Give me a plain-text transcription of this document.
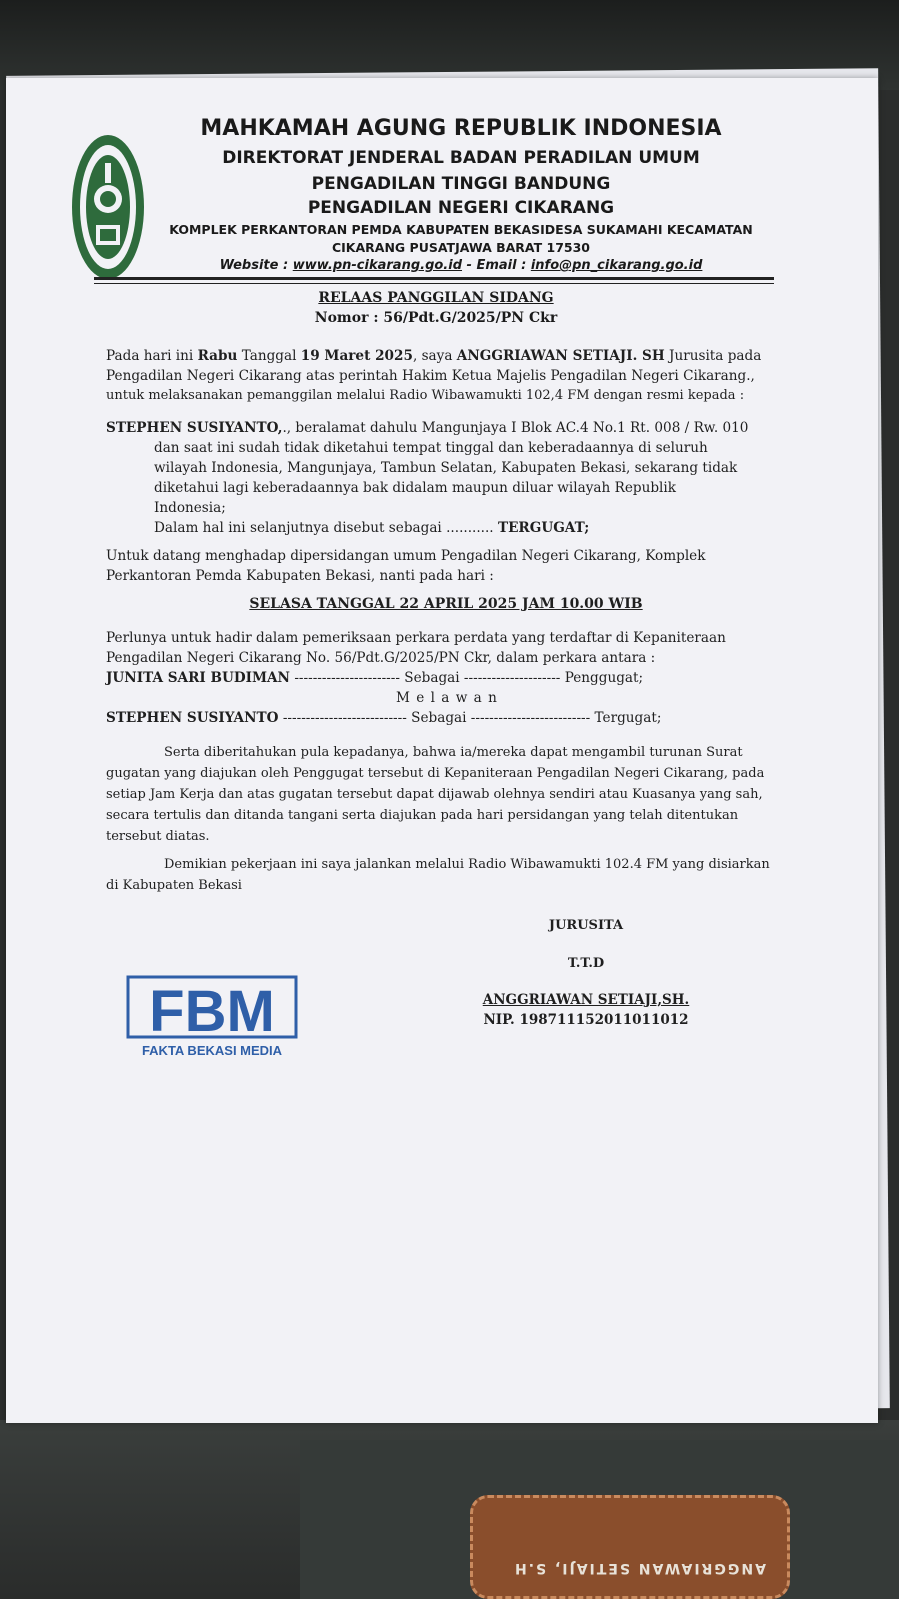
ANGGRIAWAN SETIAJI, S.H
MAHKAMAH AGUNG REPUBLIK INDONESIA
DIREKTORAT JENDERAL BADAN PERADILAN UMUM
PENGADILAN TINGGI BANDUNG
PENGADILAN NEGERI CIKARANG
KOMPLEK PERKANTORAN PEMDA KABUPATEN BEKASIDESA SUKAMAHI KECAMATAN
CIKARANG PUSATJAWA BARAT 17530
Website : www.pn-cikarang.go.id - Email : info@pn_cikarang.go.id
RELAAS PANGGILAN SIDANG
Nomor : 56/Pdt.G/2025/PN Ckr
Pada hari ini Rabu Tanggal 19 Maret 2025, saya ANGGRIAWAN SETIAJI. SH Jurusita pada
Pengadilan Negeri Cikarang atas perintah Hakim Ketua Majelis Pengadilan Negeri Cikarang.,
untuk melaksanakan pemanggilan melalui Radio Wibawamukti 102,4 FM dengan resmi kepada :
STEPHEN SUSIYANTO,., beralamat dahulu Mangunjaya I Blok AC.4 No.1 Rt. 008 / Rw. 010
dan saat ini sudah tidak diketahui tempat tinggal dan keberadaannya di seluruh
wilayah Indonesia, Mangunjaya, Tambun Selatan, Kabupaten Bekasi, sekarang tidak
diketahui lagi keberadaannya bak didalam maupun diluar wilayah Republik
Indonesia;
Dalam hal ini selanjutnya disebut sebagai ........... TERGUGAT;
Untuk datang menghadap dipersidangan umum Pengadilan Negeri Cikarang, Komplek
Perkantoran Pemda Kabupaten Bekasi, nanti pada hari :
SELASA TANGGAL 22 APRIL 2025 JAM 10.00 WIB
Perlunya untuk hadir dalam pemeriksaan perkara perdata yang terdaftar di Kepaniteraan
Pengadilan Negeri Cikarang No. 56/Pdt.G/2025/PN Ckr, dalam perkara antara :
JUNITA SARI BUDIMAN ----------------------- Sebagai --------------------- Penggugat;
M e l a w a n
STEPHEN SUSIYANTO --------------------------- Sebagai -------------------------- Tergugat;
Serta diberitahukan pula kepadanya, bahwa ia/mereka dapat mengambil turunan Surat
gugatan yang diajukan oleh Penggugat tersebut di Kepaniteraan Pengadilan Negeri Cikarang, pada
setiap Jam Kerja dan atas gugatan tersebut dapat dijawab olehnya sendiri atau Kuasanya yang sah,
secara tertulis dan ditanda tangani serta diajukan pada hari persidangan yang telah ditentukan
tersebut diatas.
Demikian pekerjaan ini saya jalankan melalui Radio Wibawamukti 102.4 FM yang disiarkan
di Kabupaten Bekasi
JURUSITA
T.T.D
ANGGRIAWAN SETIAJI,SH.
NIP. 198711152011011012
FBM
FAKTA BEKASI MEDIA
